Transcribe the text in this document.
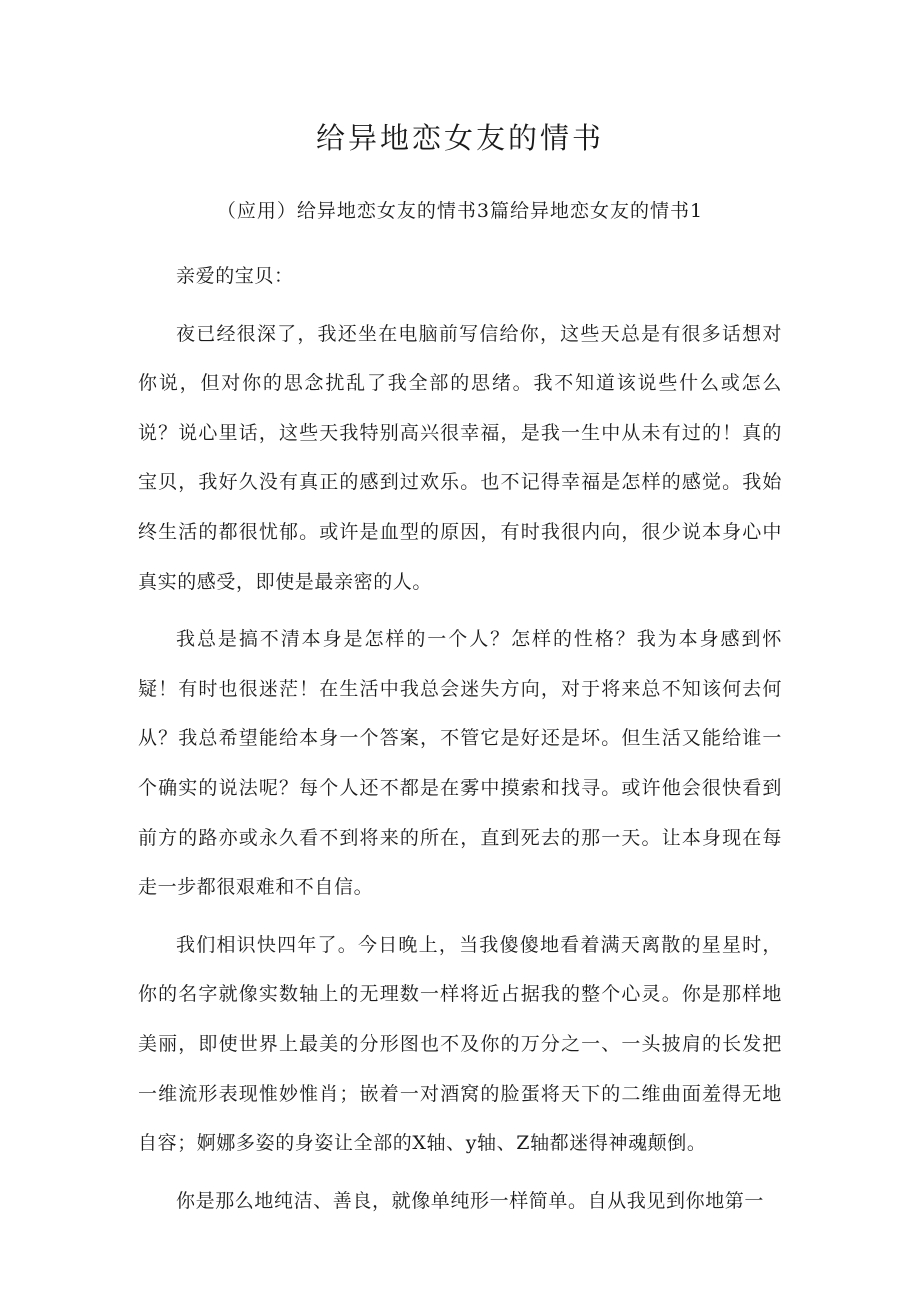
给异地恋女友的情书
（应用）给异地恋女友的情书3篇给异地恋女友的情书1

亲爱的宝贝：

夜已经很深了，我还坐在电脑前写信给你，这些天总是有很多话想对你说，但对你的思念扰乱了我全部的思绪。我不知道该说些什么或怎么说？说心里话，这些天我特别高兴很幸福，是我一生中从未有过的！真的宝贝，我好久没有真正的感到过欢乐。也不记得幸福是怎样的感觉。我始终生活的都很忧郁。或许是血型的原因，有时我很内向，很少说本身心中真实的感受，即使是最亲密的人。

我总是搞不清本身是怎样的一个人？怎样的性格？我为本身感到怀疑！有时也很迷茫！在生活中我总会迷失方向，对于将来总不知该何去何从？我总希望能给本身一个答案，不管它是好还是坏。但生活又能给谁一个确实的说法呢？每个人还不都是在雾中摸索和找寻。或许他会很快看到前方的路亦或永久看不到将来的所在，直到死去的那一天。让本身现在每走一步都很艰难和不自信。

我们相识快四年了。今日晚上，当我傻傻地看着满天离散的星星时，你的名字就像实数轴上的无理数一样将近占据我的整个心灵。你是那样地美丽，即使世界上最美的分形图也不及你的万分之一、一头披肩的长发把一维流形表现惟妙惟肖；嵌着一对酒窝的脸蛋将天下的二维曲面羞得无地自容；婀娜多姿的身姿让全部的X轴、y轴、Z轴都迷得神魂颠倒。

你是那么地纯洁、善良，就像单纯形一样简单。自从我见到你地第一
